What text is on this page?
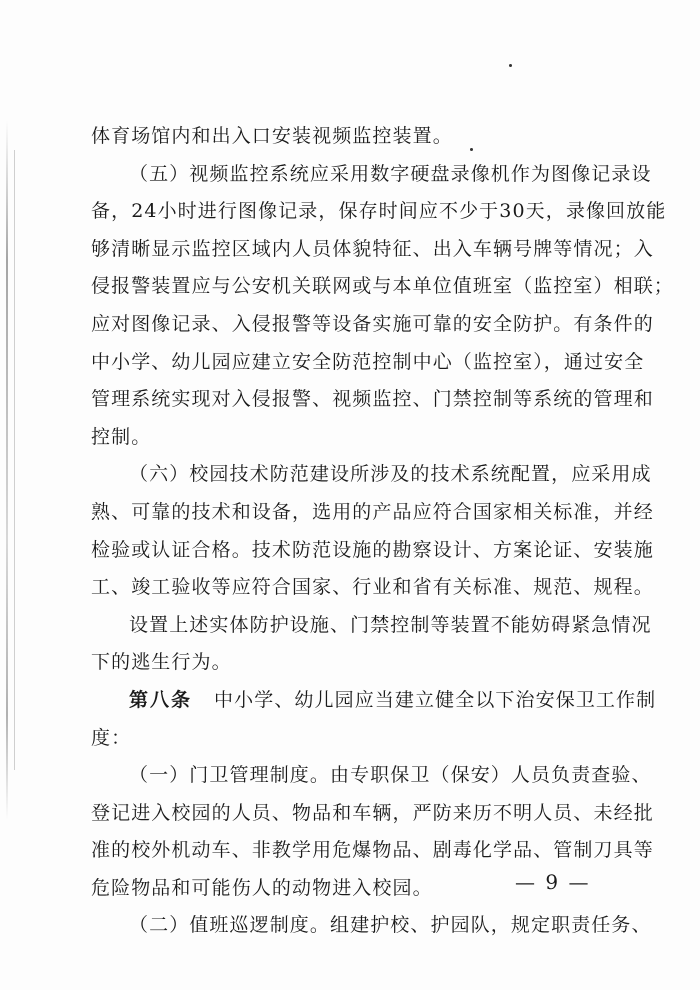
体育场馆内和出入口安装视频监控装置。
（五）视频监控系统应采用数字硬盘录像机作为图像记录设
备，24小时进行图像记录，保存时间应不少于30天，录像回放能
够清晰显示监控区域内人员体貌特征、出入车辆号牌等情况；入
侵报警装置应与公安机关联网或与本单位值班室（监控室）相联；
应对图像记录、入侵报警等设备实施可靠的安全防护。有条件的
中小学、幼儿园应建立安全防范控制中心（监控室），通过安全
管理系统实现对入侵报警、视频监控、门禁控制等系统的管理和
控制。
（六）校园技术防范建设所涉及的技术系统配置，应采用成
熟、可靠的技术和设备，选用的产品应符合国家相关标准，并经
检验或认证合格。技术防范设施的勘察设计、方案论证、安装施
工、竣工验收等应符合国家、行业和省有关标准、规范、规程。
设置上述实体防护设施、门禁控制等装置不能妨碍紧急情况
下的逃生行为。
第八条 中小学、幼儿园应当建立健全以下治安保卫工作制
度：
（一）门卫管理制度。由专职保卫（保安）人员负责查验、
登记进入校园的人员、物品和车辆，严防来历不明人员、未经批
准的校外机动车、非教学用危爆物品、剧毒化学品、管制刀具等
危险物品和可能伤人的动物进入校园。
（二）值班巡逻制度。组建护校、护园队，规定职责任务、
— 9 —
